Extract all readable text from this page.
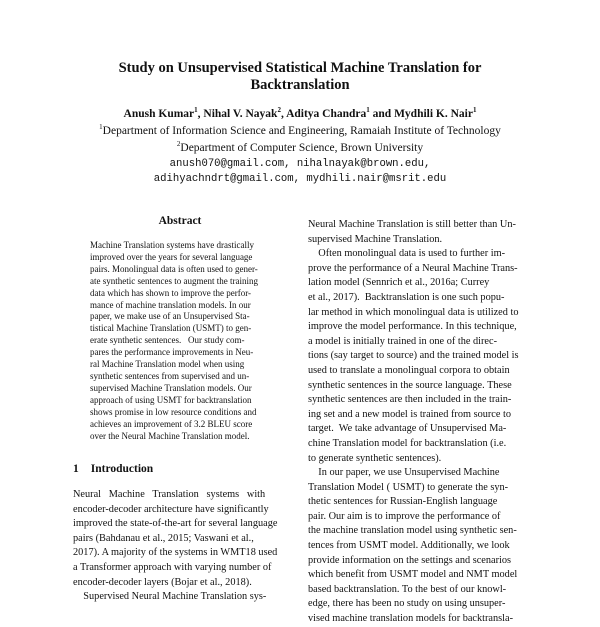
Study on Unsupervised Statistical Machine Translation for
Backtranslation
Anush Kumar$^1$, Nihal V. Nayak$^2$, Aditya Chandra$^1$ and Mydhili K. Nair$^1$
$^1$Department of Information Science and Engineering, Ramaiah Institute of Technology
$^2$Department of Computer Science, Brown University
anush070@gmail.com, nihalnayak@brown.edu,
adihyachndrt@gmail.com, mydhili.nair@msrit.edu
Abstract
Machine Translation systems have drastically
improved over the years for several language
pairs. Monolingual data is often used to gener-
ate synthetic sentences to augment the training
data which has shown to improve the perfor-
mance of machine translation models. In our
paper, we make use of an Unsupervised Sta-
tistical Machine Translation (USMT) to gen-
erate synthetic sentences.   Our study com-
pares the performance improvements in Neu-
ral Machine Translation model when using
synthetic sentences from supervised and un-
supervised Machine Translation models. Our
approach of using USMT for backtranslation
shows promise in low resource conditions and
achieves an improvement of 3.2 BLEU score
over the Neural Machine Translation model.
1 Introduction
Neural   Machine   Translation   systems   with
encoder-decoder architecture have significantly
improved the state-of-the-art for several language
pairs (Bahdanau et al., 2015; Vaswani et al.,
2017). A majority of the systems in WMT18 used
a Transformer approach with varying number of
encoder-decoder layers (Bojar et al., 2018).
Supervised Neural Machine Translation sys-
Neural Machine Translation is still better than Un-
supervised Machine Translation.
Often monolingual data is used to further im-
prove the performance of a Neural Machine Trans-
lation model (Sennrich et al., 2016a; Currey
et al., 2017).  Backtranslation is one such popu-
lar method in which monolingual data is utilized to
improve the model performance. In this technique,
a model is initially trained in one of the direc-
tions (say target to source) and the trained model is
used to translate a monolingual corpora to obtain
synthetic sentences in the source language. These
synthetic sentences are then included in the train-
ing set and a new model is trained from source to
target.  We take advantage of Unsupervised Ma-
chine Translation model for backtranslation (i.e.
to generate synthetic sentences).
In our paper, we use Unsupervised Machine
Translation Model ( USMT) to generate the syn-
thetic sentences for Russian-English language
pair. Our aim is to improve the performance of
the machine translation model using synthetic sen-
tences from USMT model. Additionally, we look
provide information on the settings and scenarios
which benefit from USMT model and NMT model
based backtranslation. To the best of our knowl-
edge, there has been no study on using unsuper-
vised machine translation models for backtransla-
